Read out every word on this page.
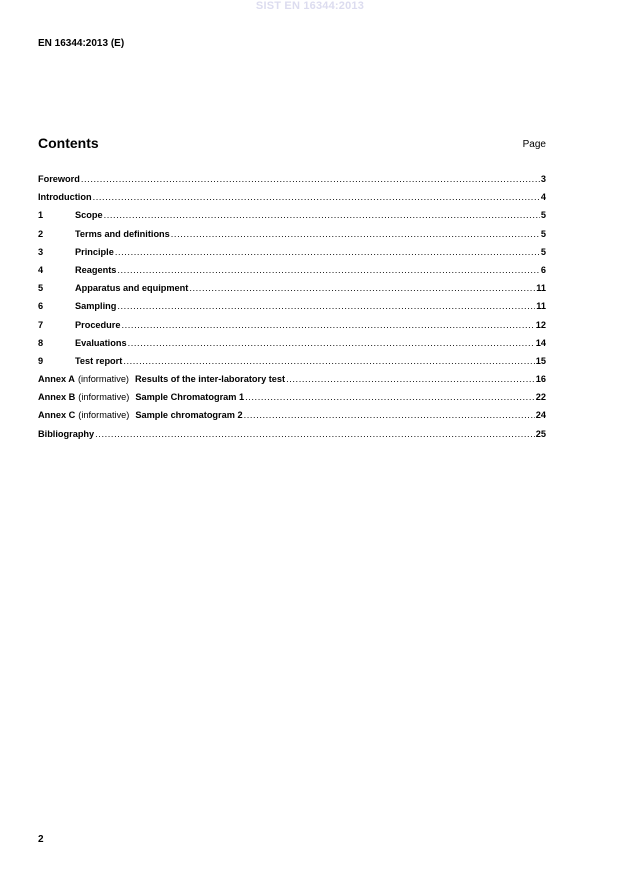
SIST EN 16344:2013
EN 16344:2013 (E)
Contents	Page
Foreword .....	3
Introduction .....	4
1	Scope .....	5
2	Terms and definitions .....	5
3	Principle .....	5
4	Reagents .....	6
5	Apparatus and equipment .....	11
6	Sampling .....	11
7	Procedure .....	12
8	Evaluations .....	14
9	Test report .....	15
Annex A (informative) Results of the inter-laboratory test .....	16
Annex B (informative) Sample Chromatogram 1 .....	22
Annex C (informative) Sample chromatogram 2 .....	24
Bibliography .....	25
2
